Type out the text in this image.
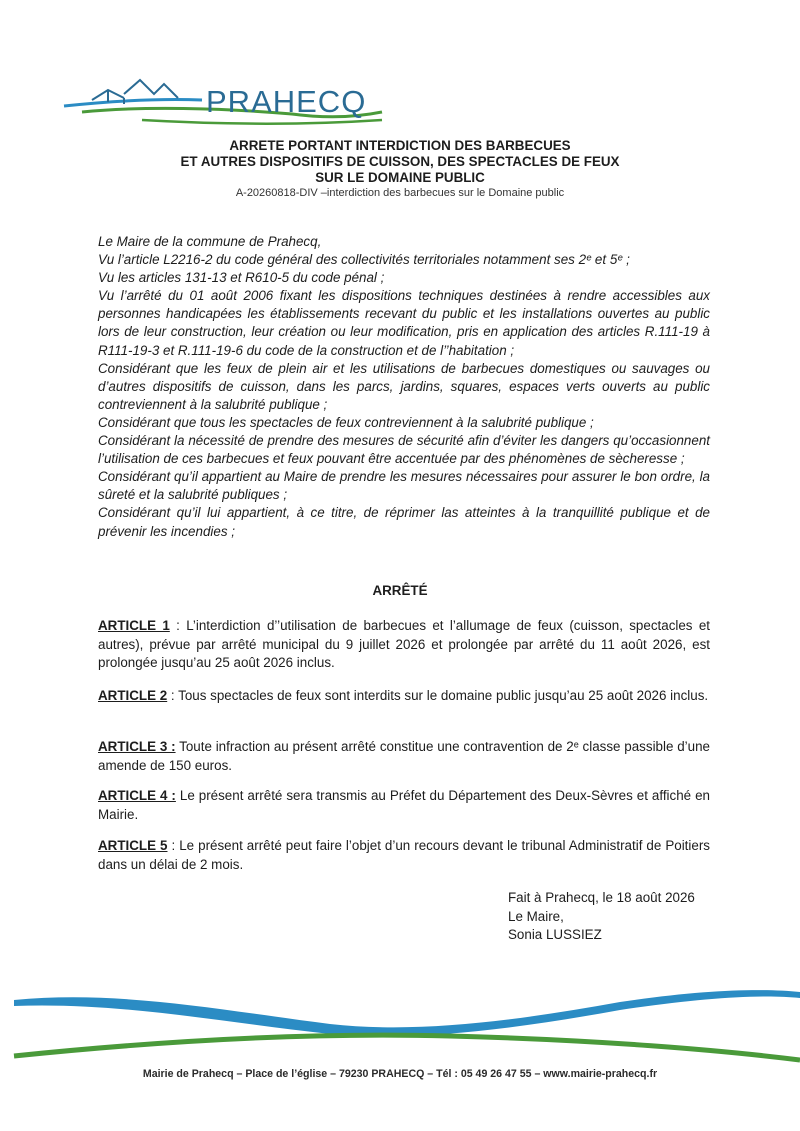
PRAHECQ
ARRETE PORTANT INTERDICTION DES BARBECUES
ET AUTRES DISPOSITIFS DE CUISSON, DES SPECTACLES DE FEUX
SUR LE DOMAINE PUBLIC
A-20260818-DIV –interdiction des barbecues sur le Domaine public
Le Maire de la commune de Prahecq,
Vu l’article L2216-2 du code général des collectivités territoriales notamment ses 2ᵉ et 5ᵉ ;
Vu les articles 131-13 et R610-5 du code pénal ;
Vu l’arrêté du 01 août 2006 fixant les dispositions techniques destinées à rendre accessibles aux personnes handicapées les établissements recevant du public et les installations ouvertes au public lors de leur construction, leur création ou leur modification, pris en application des articles R.111-19 à R111-19-3 et R.111-19-6 du code de la construction et de l’’habitation ;
Considérant que les feux de plein air et les utilisations de barbecues domestiques ou sauvages ou d’autres dispositifs de cuisson, dans les parcs, jardins, squares, espaces verts ouverts au public contreviennent à la salubrité publique ;
Considérant que tous les spectacles de feux contreviennent à la salubrité publique ;
Considérant la nécessité de prendre des mesures de sécurité afin d’éviter les dangers qu’occasionnent l’utilisation de ces barbecues et feux pouvant être accentuée par des phénomènes de sècheresse ;
Considérant qu’il appartient au Maire de prendre les mesures nécessaires pour assurer le bon ordre, la sûreté et la salubrité publiques ;
Considérant qu’il lui appartient, à ce titre, de réprimer las atteintes à la tranquillité publique et de prévenir les incendies ;
ARRÊTÉ
ARTICLE 1 : L’interdiction d’’utilisation de barbecues et l’allumage de feux (cuisson, spectacles et autres), prévue par arrêté municipal du 9 juillet 2026 et prolongée par arrêté du 11 août 2026, est prolongée jusqu’au 25 août 2026 inclus.
ARTICLE 2 : Tous spectacles de feux sont interdits sur le domaine public jusqu’au 25 août 2026 inclus.
ARTICLE 3 : Toute infraction au présent arrêté constitue une contravention de 2ᵉ classe passible d’une amende de 150 euros.
ARTICLE 4 : Le présent arrêté sera transmis au Préfet du Département des Deux-Sèvres et affiché en Mairie.
ARTICLE 5 : Le présent arrêté peut faire l’objet d’un recours devant le tribunal Administratif de Poitiers dans un délai de 2 mois.
Fait à Prahecq, le 18 août 2026
Le Maire,
Sonia LUSSIEZ
Mairie de Prahecq – Place de l’église – 79230 PRAHECQ – Tél : 05 49 26 47 55 – www.mairie-prahecq.fr
